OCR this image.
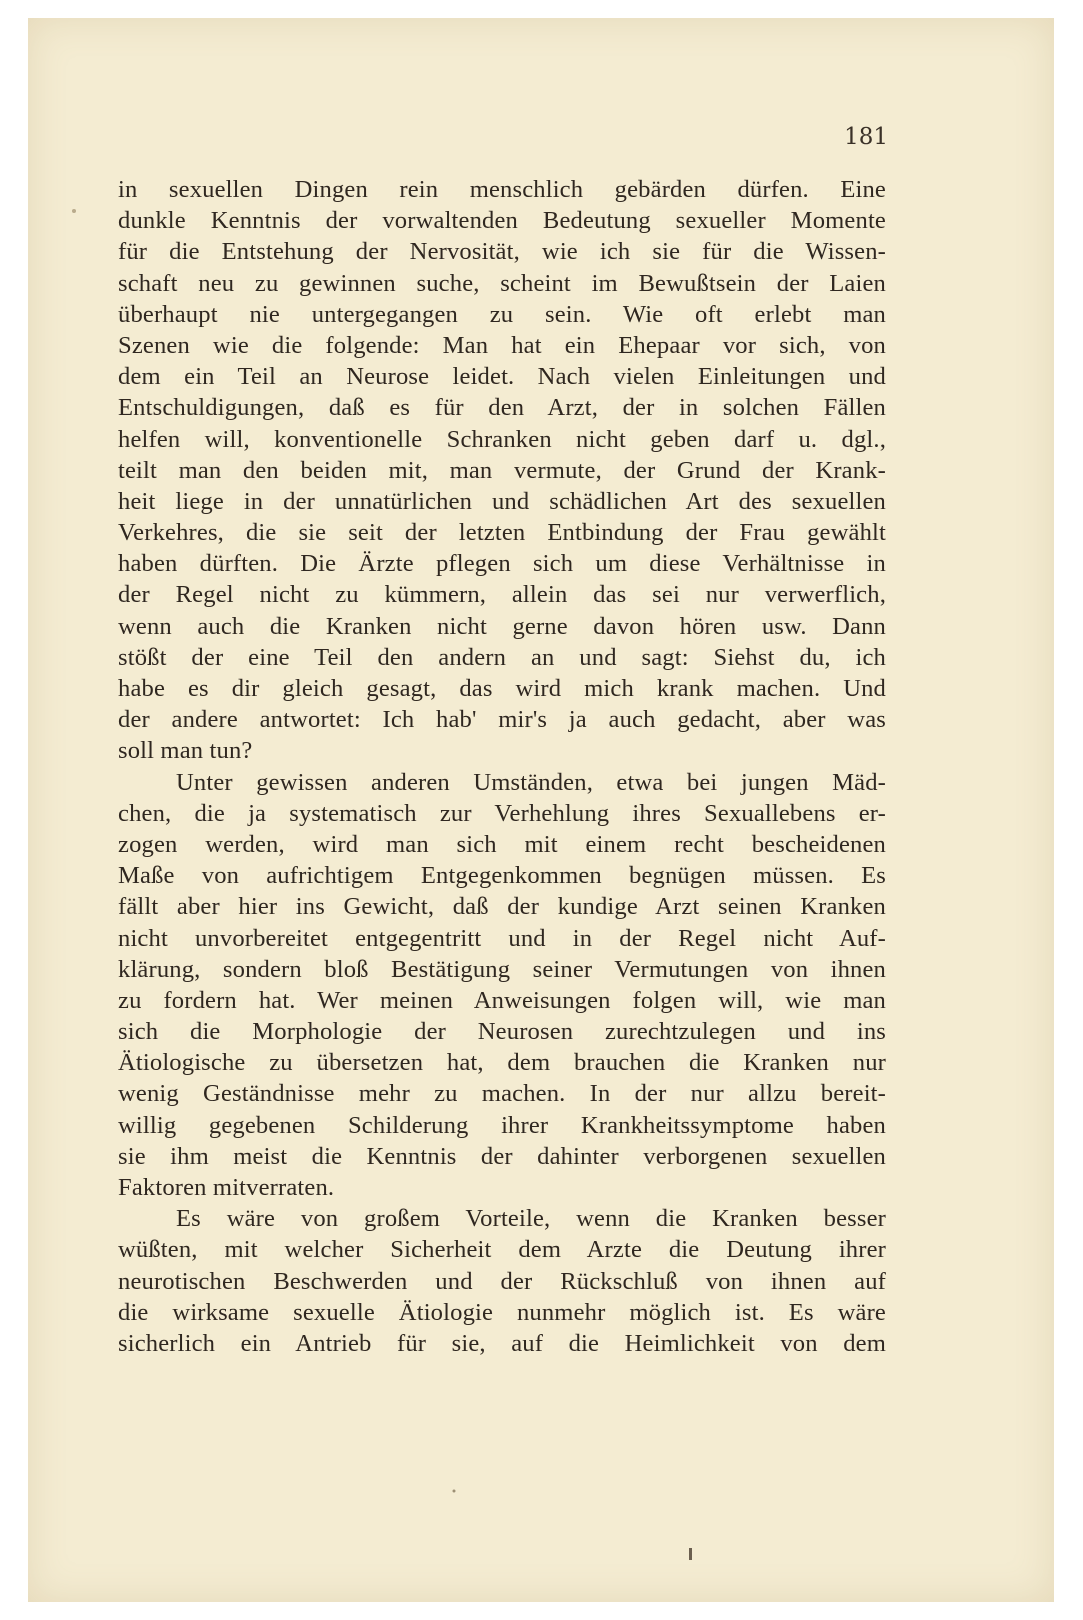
181
in sexuellen Dingen rein menschlich gebärden dürfen. Eine
dunkle Kenntnis der vorwaltenden Bedeutung sexueller Momente
für die Entstehung der Nervosität, wie ich sie für die Wissen-
schaft neu zu gewinnen suche, scheint im Bewußtsein der Laien
überhaupt nie untergegangen zu sein. Wie oft erlebt man
Szenen wie die folgende: Man hat ein Ehepaar vor sich, von
dem ein Teil an Neurose leidet. Nach vielen Einleitungen und
Entschuldigungen, daß es für den Arzt, der in solchen Fällen
helfen will, konventionelle Schranken nicht geben darf u. dgl.,
teilt man den beiden mit, man vermute, der Grund der Krank-
heit liege in der unnatürlichen und schädlichen Art des sexuellen
Verkehres, die sie seit der letzten Entbindung der Frau gewählt
haben dürften. Die Ärzte pflegen sich um diese Verhältnisse in
der Regel nicht zu kümmern, allein das sei nur verwerflich,
wenn auch die Kranken nicht gerne davon hören usw. Dann
stößt der eine Teil den andern an und sagt: Siehst du, ich
habe es dir gleich gesagt, das wird mich krank machen. Und
der andere antwortet: Ich hab' mir's ja auch gedacht, aber was
soll man tun?
Unter gewissen anderen Umständen, etwa bei jungen Mäd-
chen, die ja systematisch zur Verhehlung ihres Sexuallebens er-
zogen werden, wird man sich mit einem recht bescheidenen
Maße von aufrichtigem Entgegenkommen begnügen müssen. Es
fällt aber hier ins Gewicht, daß der kundige Arzt seinen Kranken
nicht unvorbereitet entgegentritt und in der Regel nicht Auf-
klärung, sondern bloß Bestätigung seiner Vermutungen von ihnen
zu fordern hat. Wer meinen Anweisungen folgen will, wie man
sich die Morphologie der Neurosen zurechtzulegen und ins
Ätiologische zu übersetzen hat, dem brauchen die Kranken nur
wenig Geständnisse mehr zu machen. In der nur allzu bereit-
willig gegebenen Schilderung ihrer Krankheitssymptome haben
sie ihm meist die Kenntnis der dahinter verborgenen sexuellen
Faktoren mitverraten.
Es wäre von großem Vorteile, wenn die Kranken besser
wüßten, mit welcher Sicherheit dem Arzte die Deutung ihrer
neurotischen Beschwerden und der Rückschluß von ihnen auf
die wirksame sexuelle Ätiologie nunmehr möglich ist. Es wäre
sicherlich ein Antrieb für sie, auf die Heimlichkeit von dem
